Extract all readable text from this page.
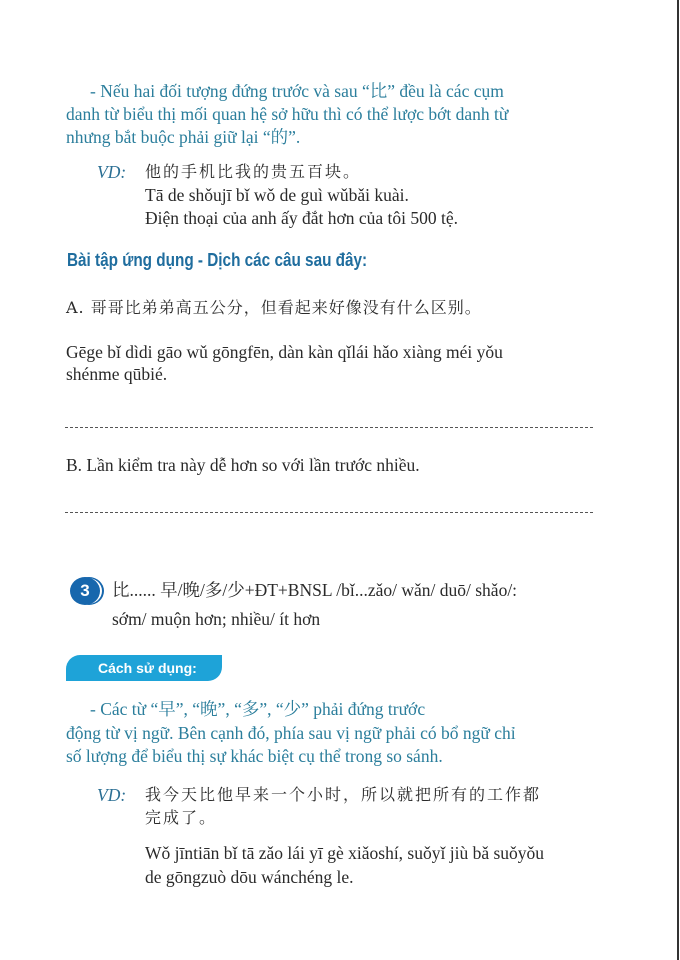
- Nếu hai đối tượng đứng trước và sau “比” đều là các cụm
danh từ biểu thị mối quan hệ sở hữu thì có thể lược bớt danh từ
nhưng bắt buộc phải giữ lại “的”.
VD: 他的手机比我的贵五百块。
Tā de shǒujī bǐ wǒ de guì wǔbǎi kuài.
Điện thoại của anh ấy đắt hơn của tôi 500 tệ.
Bài tập ứng dụng - Dịch các câu sau đây:
A. 哥哥比弟弟高五公分，但看起来好像没有什么区别。
Gēge bǐ dìdi gāo wǔ gōngfēn, dàn kàn qǐlái hǎo xiàng méi yǒu
shénme qūbié.
B. Lần kiểm tra này dễ hơn so với lần trước nhiều.
3	比...... 早/晚/多/少+ĐT+BNSL /bǐ...zǎo/ wǎn/ duō/ shǎo/:
sớm/ muộn hơn; nhiều/ ít hơn
Cách sử dụng:
- Các từ “早”, “晚”, “多”, “少” phải đứng trước
động từ vị ngữ. Bên cạnh đó, phía sau vị ngữ phải có bổ ngữ chỉ
số lượng để biểu thị sự khác biệt cụ thể trong so sánh.
VD: 我今天比他早来一个小时，所以就把所有的工作都
完成了。
Wǒ jīntiān bǐ tā zǎo lái yī gè xiǎoshí, suǒyǐ jiù bǎ suǒyǒu
de gōngzuò dōu wánchéng le.
